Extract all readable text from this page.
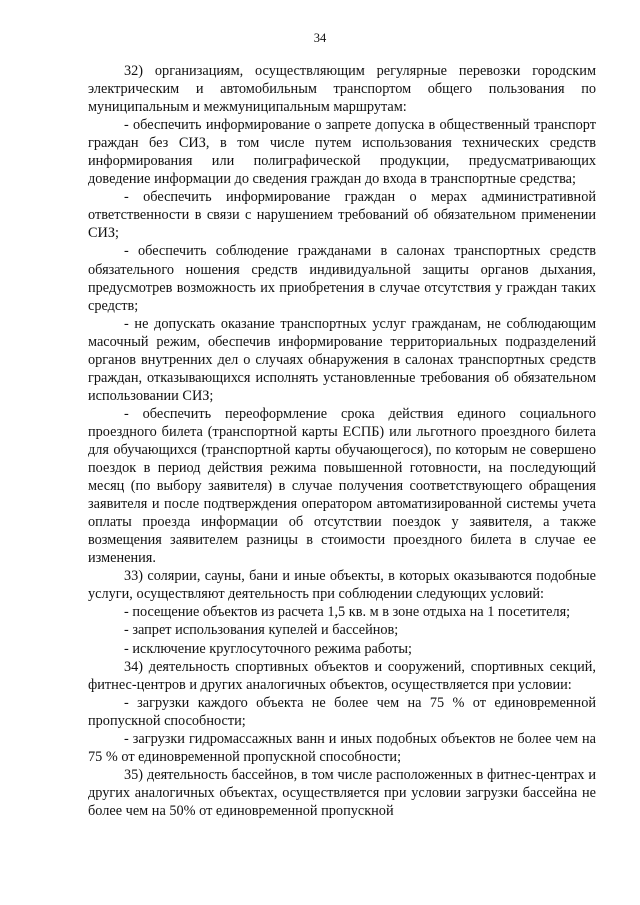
34

32) организациям, осуществляющим регулярные перевозки городским электрическим и автомобильным транспортом общего пользования по муниципальным и межмуниципальным маршрутам:

- обеспечить информирование о запрете допуска в общественный транспорт граждан без СИЗ, в том числе путем использования технических средств информирования или полиграфической продукции, предусматривающих доведение информации до сведения граждан до входа в транспортные средства;

- обеспечить информирование граждан о мерах административной ответственности в связи с нарушением требований об обязательном применении СИЗ;

- обеспечить соблюдение гражданами в салонах транспортных средств обязательного ношения средств индивидуальной защиты органов дыхания, предусмотрев возможность их приобретения в случае отсутствия у граждан таких средств;

- не допускать оказание транспортных услуг гражданам, не соблюдающим масочный режим, обеспечив информирование территориальных подразделений органов внутренних дел о случаях обнаружения в салонах транспортных средств граждан, отказывающихся исполнять установленные требования об обязательном использовании СИЗ;

- обеспечить переоформление срока действия единого социального проездного билета (транспортной карты ЕСПБ) или льготного проездного билета для обучающихся (транспортной карты обучающегося), по которым не совершено поездок в период действия режима повышенной готовности, на последующий месяц (по выбору заявителя) в случае получения соответствующего обращения заявителя и после подтверждения оператором автоматизированной системы учета оплаты проезда информации об отсутствии поездок у заявителя, а также возмещения заявителем разницы в стоимости проездного билета в случае ее изменения.

33) солярии, сауны, бани и иные объекты, в которых оказываются подобные услуги, осуществляют деятельность при соблюдении следующих условий:

- посещение объектов из расчета 1,5 кв. м в зоне отдыха на 1 посетителя;

- запрет использования купелей и бассейнов;

- исключение круглосуточного режима работы;

34) деятельность спортивных объектов и сооружений, спортивных секций, фитнес-центров и других аналогичных объектов, осуществляется при условии:

- загрузки каждого объекта не более чем на 75 % от единовременной пропускной способности;

- загрузки гидромассажных ванн и иных подобных объектов не более чем на 75 % от единовременной пропускной способности;

35) деятельность бассейнов, в том числе расположенных в фитнес-центрах и других аналогичных объектах, осуществляется при условии загрузки бассейна не более чем на 50% от единовременной пропускной
